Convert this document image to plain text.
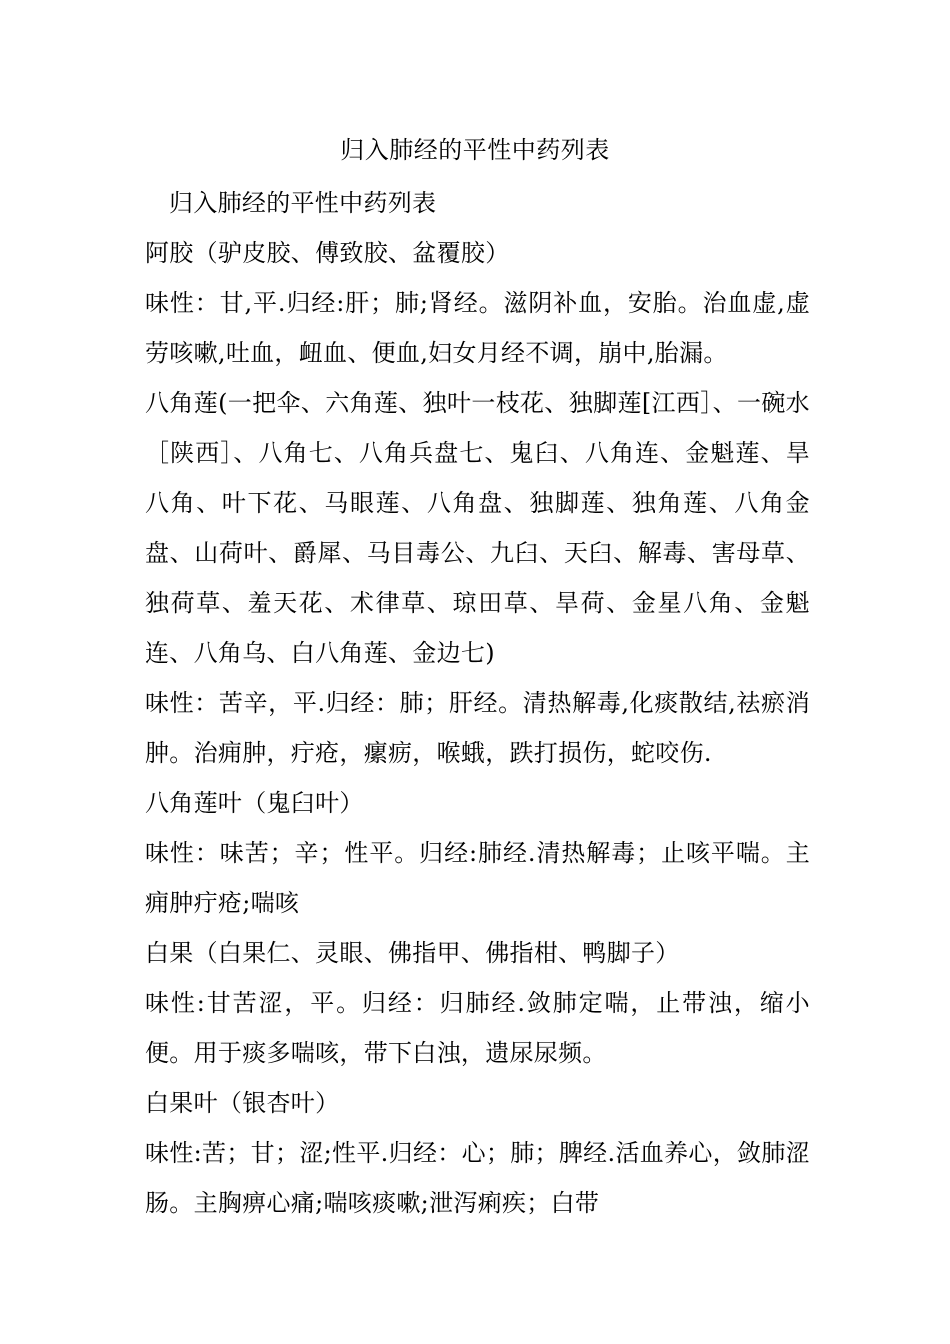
归入肺经的平性中药列表

归入肺经的平性中药列表

阿胶（驴皮胶、傅致胶、盆覆胶）

味性：甘,平.归经:肝；肺;肾经。滋阴补血，安胎。治血虚,虚劳咳嗽,吐血，衄血、便血,妇女月经不调，崩中,胎漏。

八角莲(一把伞、六角莲、独叶一枝花、独脚莲[江西］、一碗水［陕西］、八角七、八角兵盘七、鬼臼、八角连、金魁莲、旱八角、叶下花、马眼莲、八角盘、独脚莲、独角莲、八角金盘、山荷叶、爵犀、马目毒公、九臼、天臼、解毒、害母草、独荷草、羞天花、术律草、琼田草、旱荷、金星八角、金魁连、八角乌、白八角莲、金边七)

味性：苦辛，平.归经：肺；肝经。清热解毒,化痰散结,祛瘀消肿。治痈肿，疔疮，瘰疬，喉蛾，跌打损伤，蛇咬伤.

八角莲叶（鬼臼叶）

味性：味苦；辛；性平。归经:肺经.清热解毒；止咳平喘。主痈肿疔疮;喘咳

白果（白果仁、灵眼、佛指甲、佛指柑、鸭脚子）

味性:甘苦涩，平。归经：归肺经.敛肺定喘，止带浊，缩小便。用于痰多喘咳，带下白浊，遗尿尿频。

白果叶（银杏叶）

味性:苦；甘；涩;性平.归经：心；肺；脾经.活血养心，敛肺涩肠。主胸痹心痛;喘咳痰嗽;泄泻痢疾；白带
